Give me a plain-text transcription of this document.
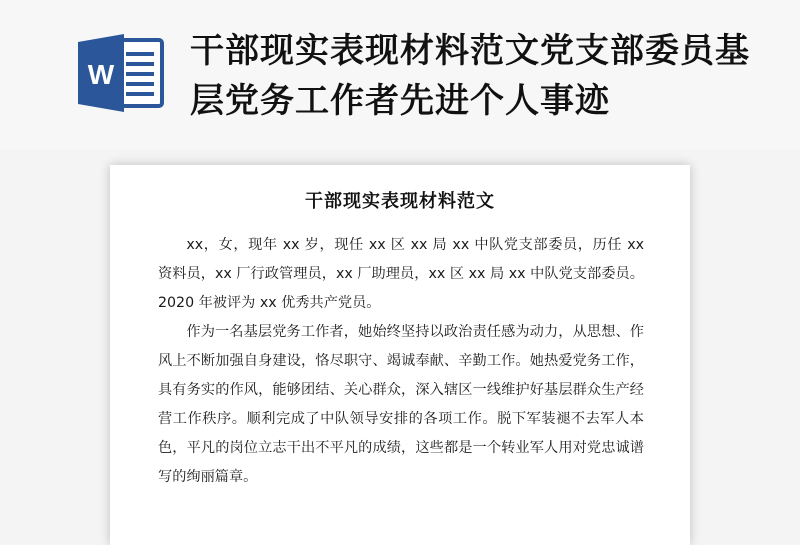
W
干部现实表现材料范文党支部委员基层党务工作者先进个人事迹
干部现实表现材料范文

xx，女，现年 xx 岁，现任 xx 区 xx 局 xx 中队党支部委员，历任 xx 资料员，xx 厂行政管理员，xx 厂助理员，xx 区 xx 局 xx 中队党支部委员。2020 年被评为 xx 优秀共产党员。

作为一名基层党务工作者，她始终坚持以政治责任感为动力，从思想、作风上不断加强自身建设，恪尽职守、竭诚奉献、辛勤工作。她热爱党务工作，具有务实的作风，能够团结、关心群众，深入辖区一线维护好基层群众生产经营工作秩序。顺利完成了中队领导安排的各项工作。脱下军装褪不去军人本色，平凡的岗位立志干出不平凡的成绩，这些都是一个转业军人用对党忠诚谱写的绚丽篇章。
